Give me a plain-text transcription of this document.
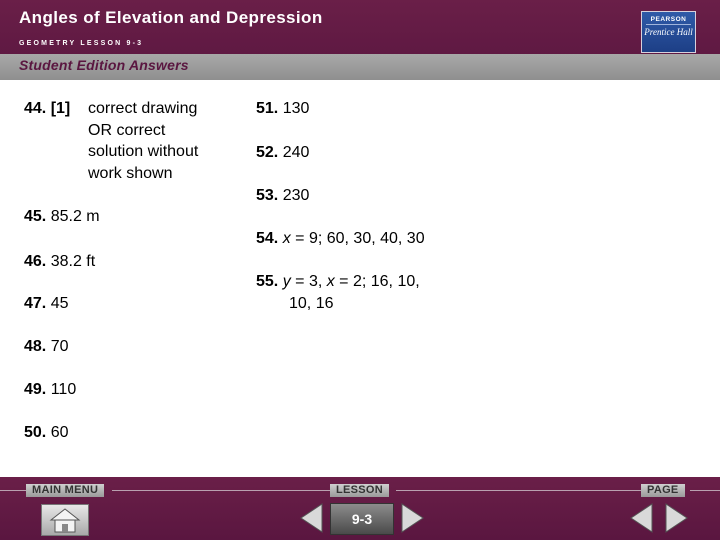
Angles of Elevation and Depression
GEOMETRY LESSON 9-3
PEARSON
Prentice Hall
Student Edition Answers
44. [1] correct drawing
OR correct
solution without
work shown
45. 85.2 m
46. 38.2 ft
47. 45
48. 70
49. 110
50. 60
51. 130
52. 240
53. 230
54. x = 9; 60, 30, 40, 30
55. y = 3, x = 2; 16, 10,
10, 16
MAIN MENU	LESSON	PAGE
9-3
